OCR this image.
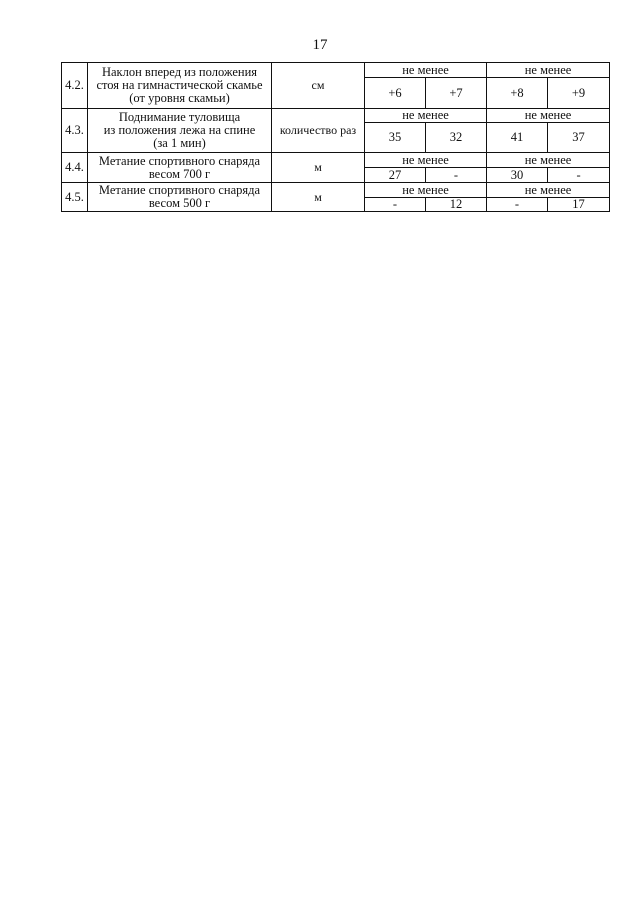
17
4.2.	Наклон вперед из положения
стоя на гимнастической скамье
(от уровня скамьи)	см	не менее		не менее	
			+6	+7	+8	+9
4.3.	Поднимание туловища
из положения лежа на спине
(за 1 мин)	количество раз	не менее		не менее	
			35	32	41	37
4.4.	Метание спортивного снаряда
весом 700 г	м	не менее		не менее	
			27	-	30	-
4.5.	Метание спортивного снаряда
весом 500 г	м	не менее		не менее	
			-	12	-	17
